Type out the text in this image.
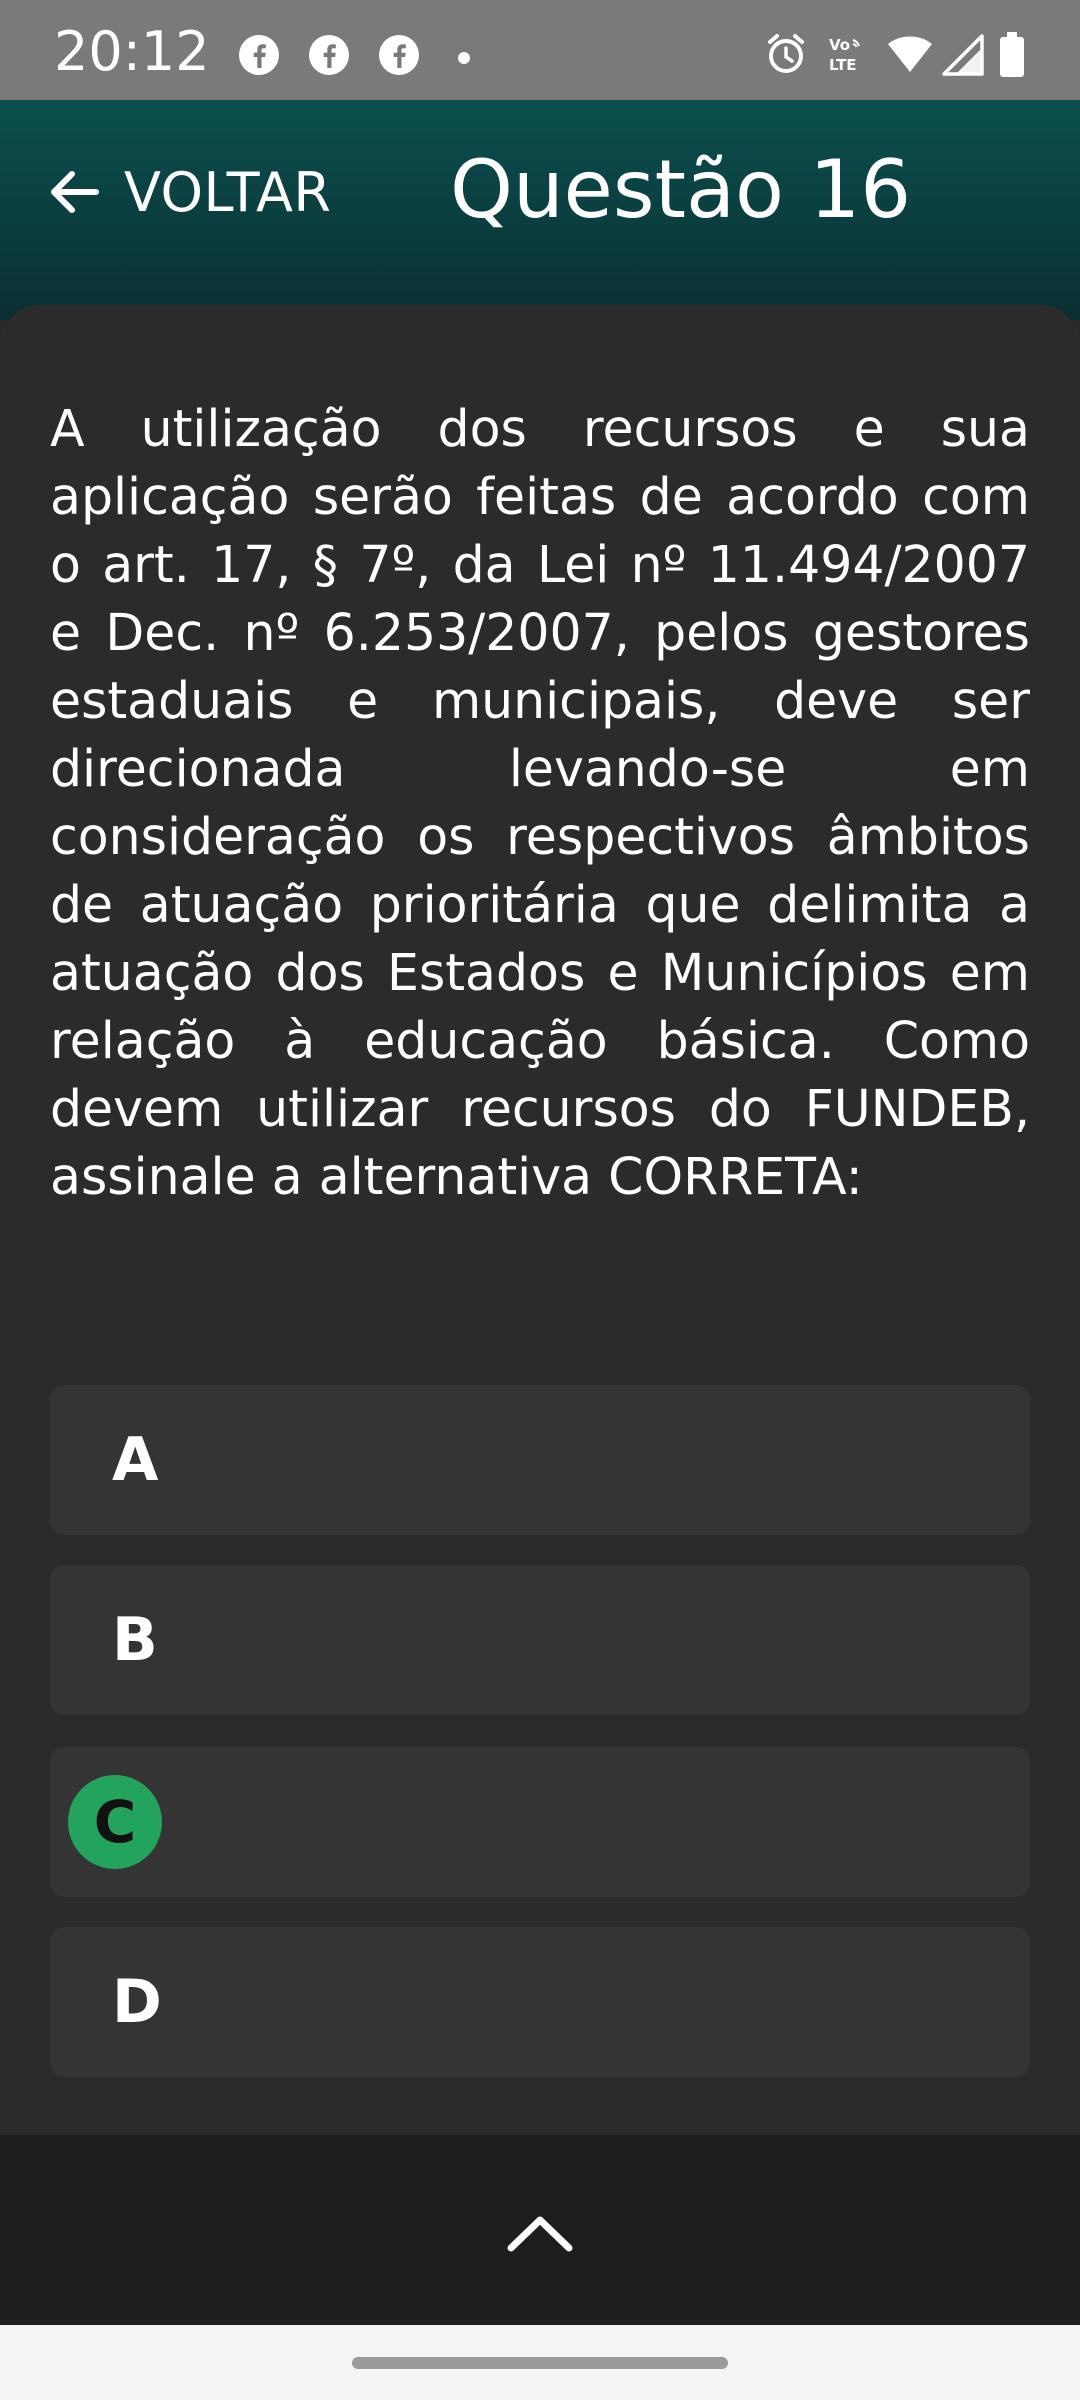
20:12	Vo
LTE
VOLTAR Questão 16

A utilização dos recursos e sua aplicação serão feitas de acordo com o art. 17, § 7º, da Lei nº 11.494/2007 e Dec. nº 6.253/2007, pelos gestores estaduais e municipais, deve ser direcionada levando-se em consideração os respectivos âmbitos de atuação prioritária que delimita a atuação dos Estados e Municípios em relação à educação básica. Como devem utilizar recursos do FUNDEB, assinale a alternativa CORRETA:

A
B
C
D
